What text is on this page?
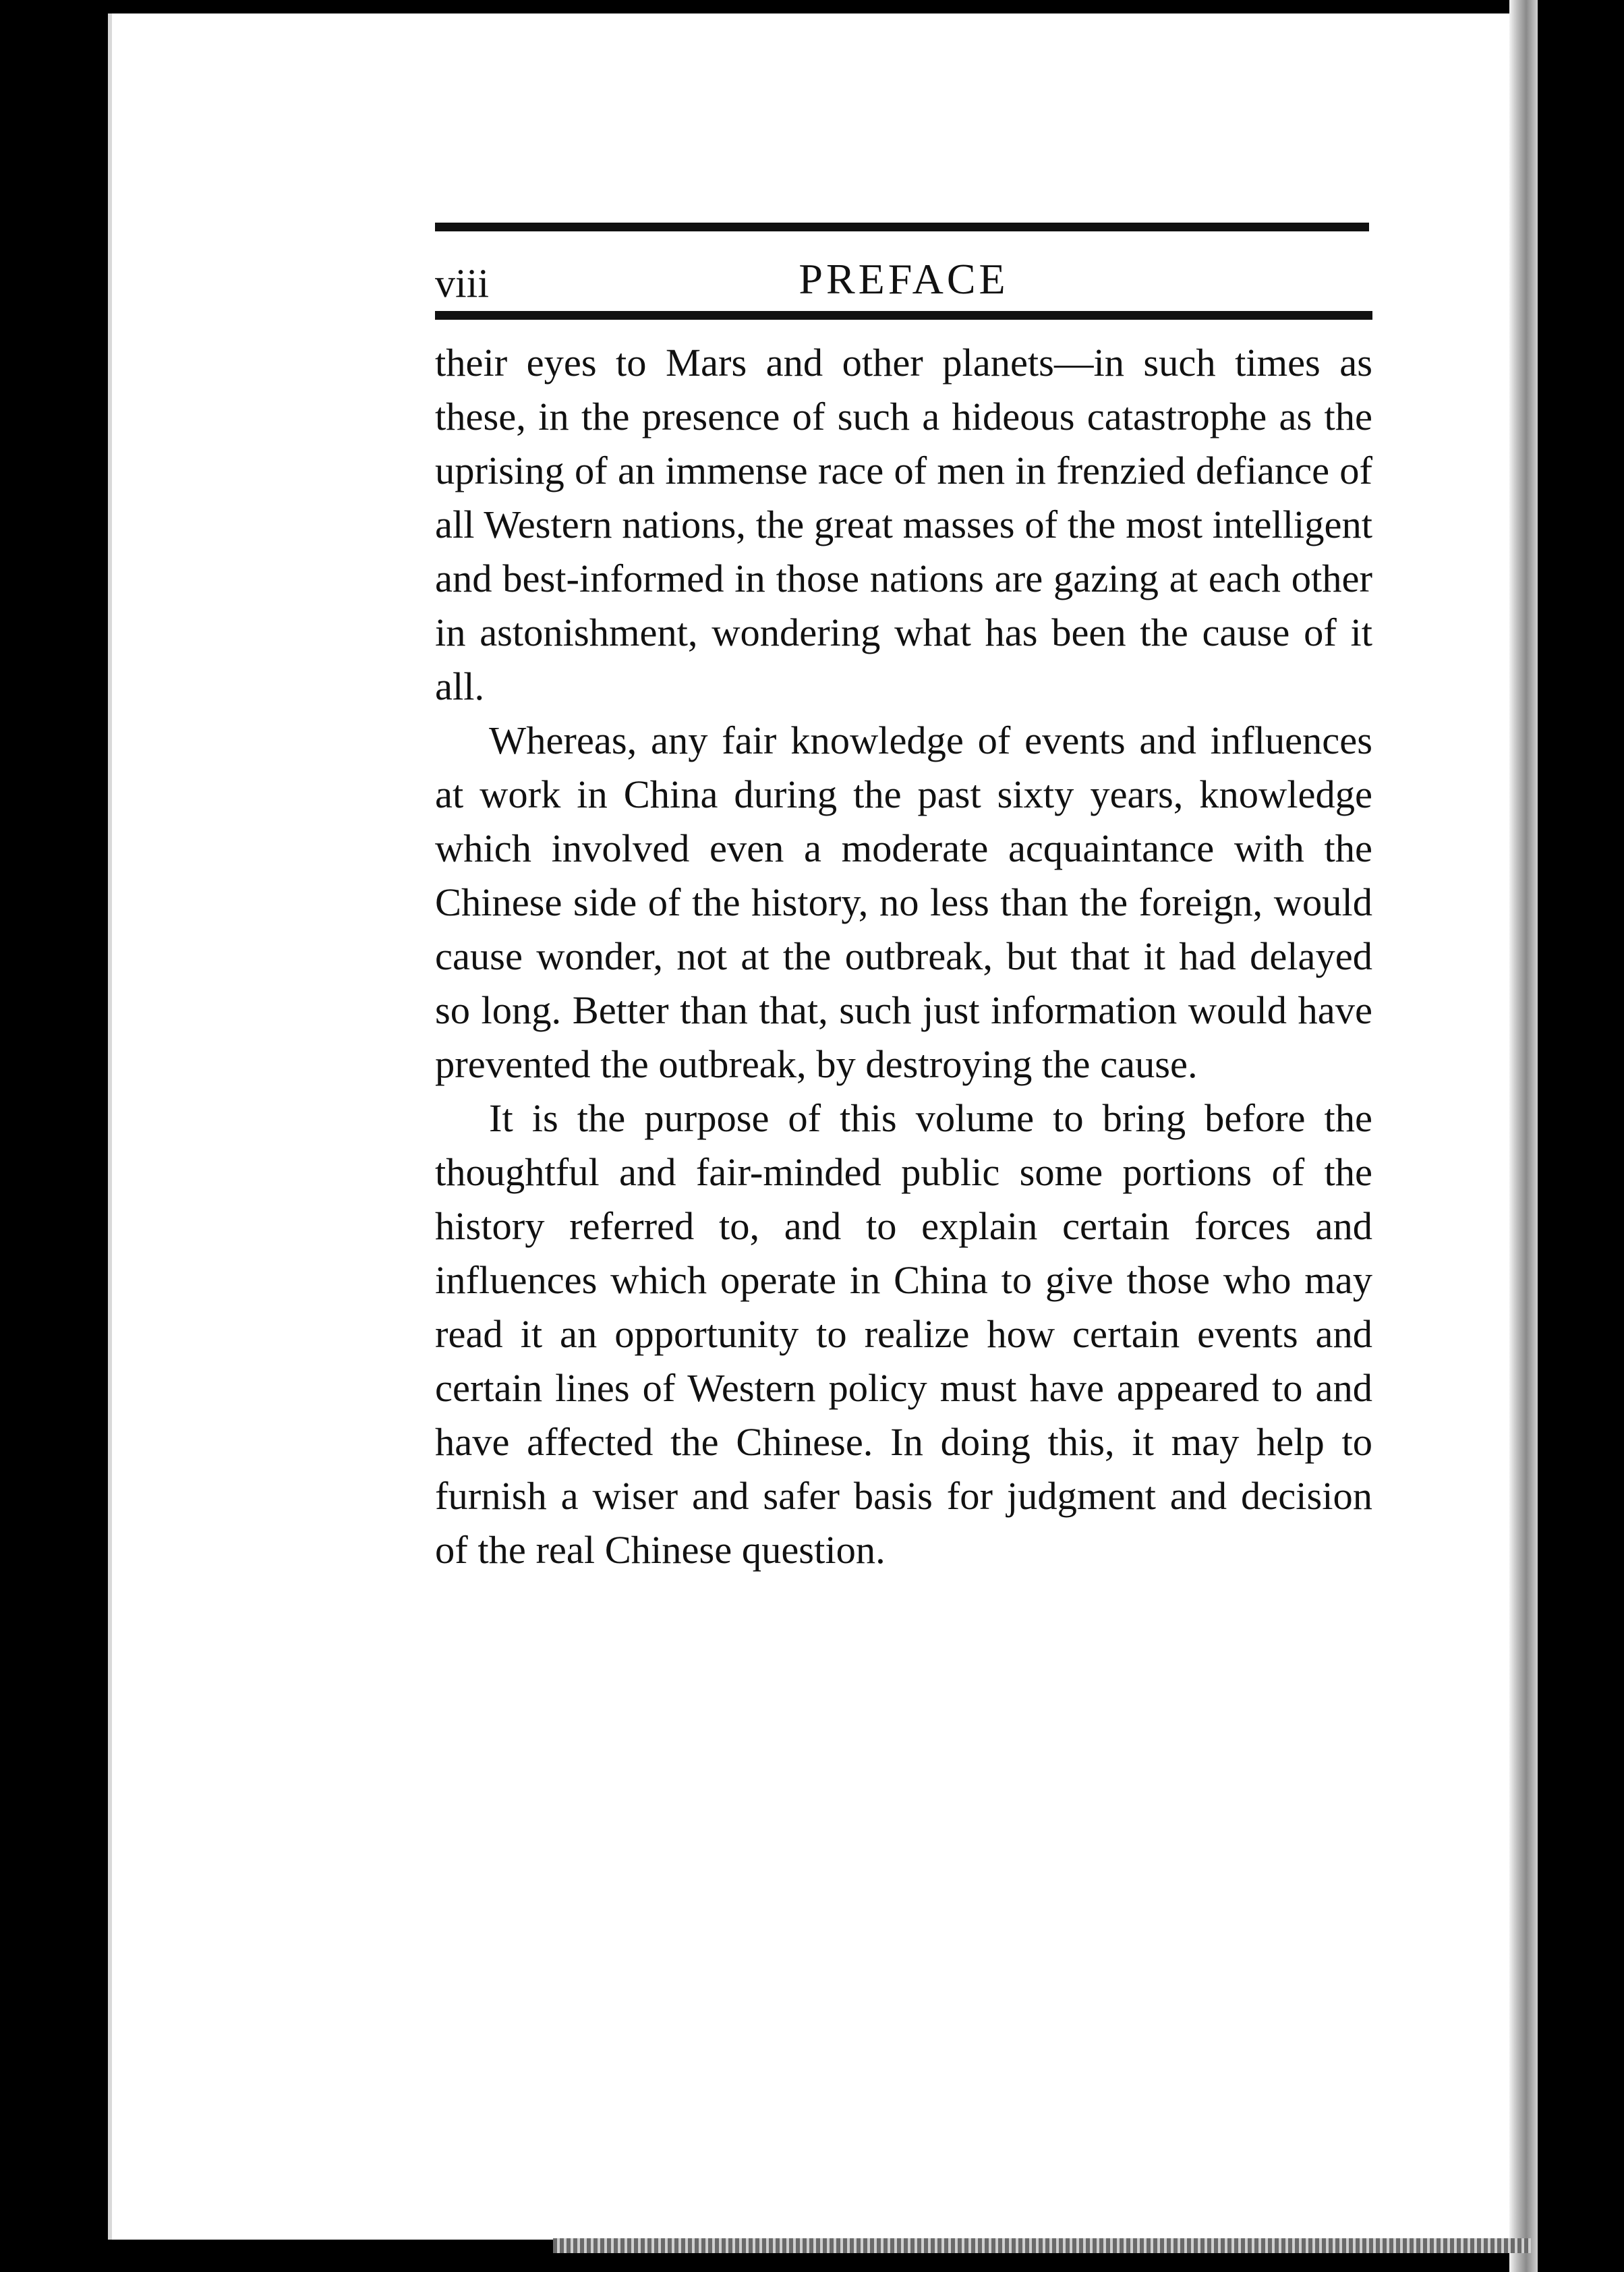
viii	PREFACE

their eyes to Mars and other planets—in such times as these, in the presence of such a hideous catastrophe as the uprising of an immense race of men in frenzied defiance of all Western nations, the great masses of the most intelligent and best-informed in those nations are gazing at each other in astonishment, wondering what has been the cause of it all.

Whereas, any fair knowledge of events and influences at work in China during the past sixty years, knowledge which involved even a moderate acquaintance with the Chinese side of the history, no less than the foreign, would cause wonder, not at the outbreak, but that it had delayed so long. Better than that, such just information would have prevented the outbreak, by destroying the cause.

It is the purpose of this volume to bring before the thoughtful and fair-minded public some portions of the history referred to, and to explain certain forces and influences which operate in China to give those who may read it an opportunity to realize how certain events and certain lines of Western policy must have appeared to and have affected the Chinese. In doing this, it may help to furnish a wiser and safer basis for judgment and decision of the real Chinese question.
